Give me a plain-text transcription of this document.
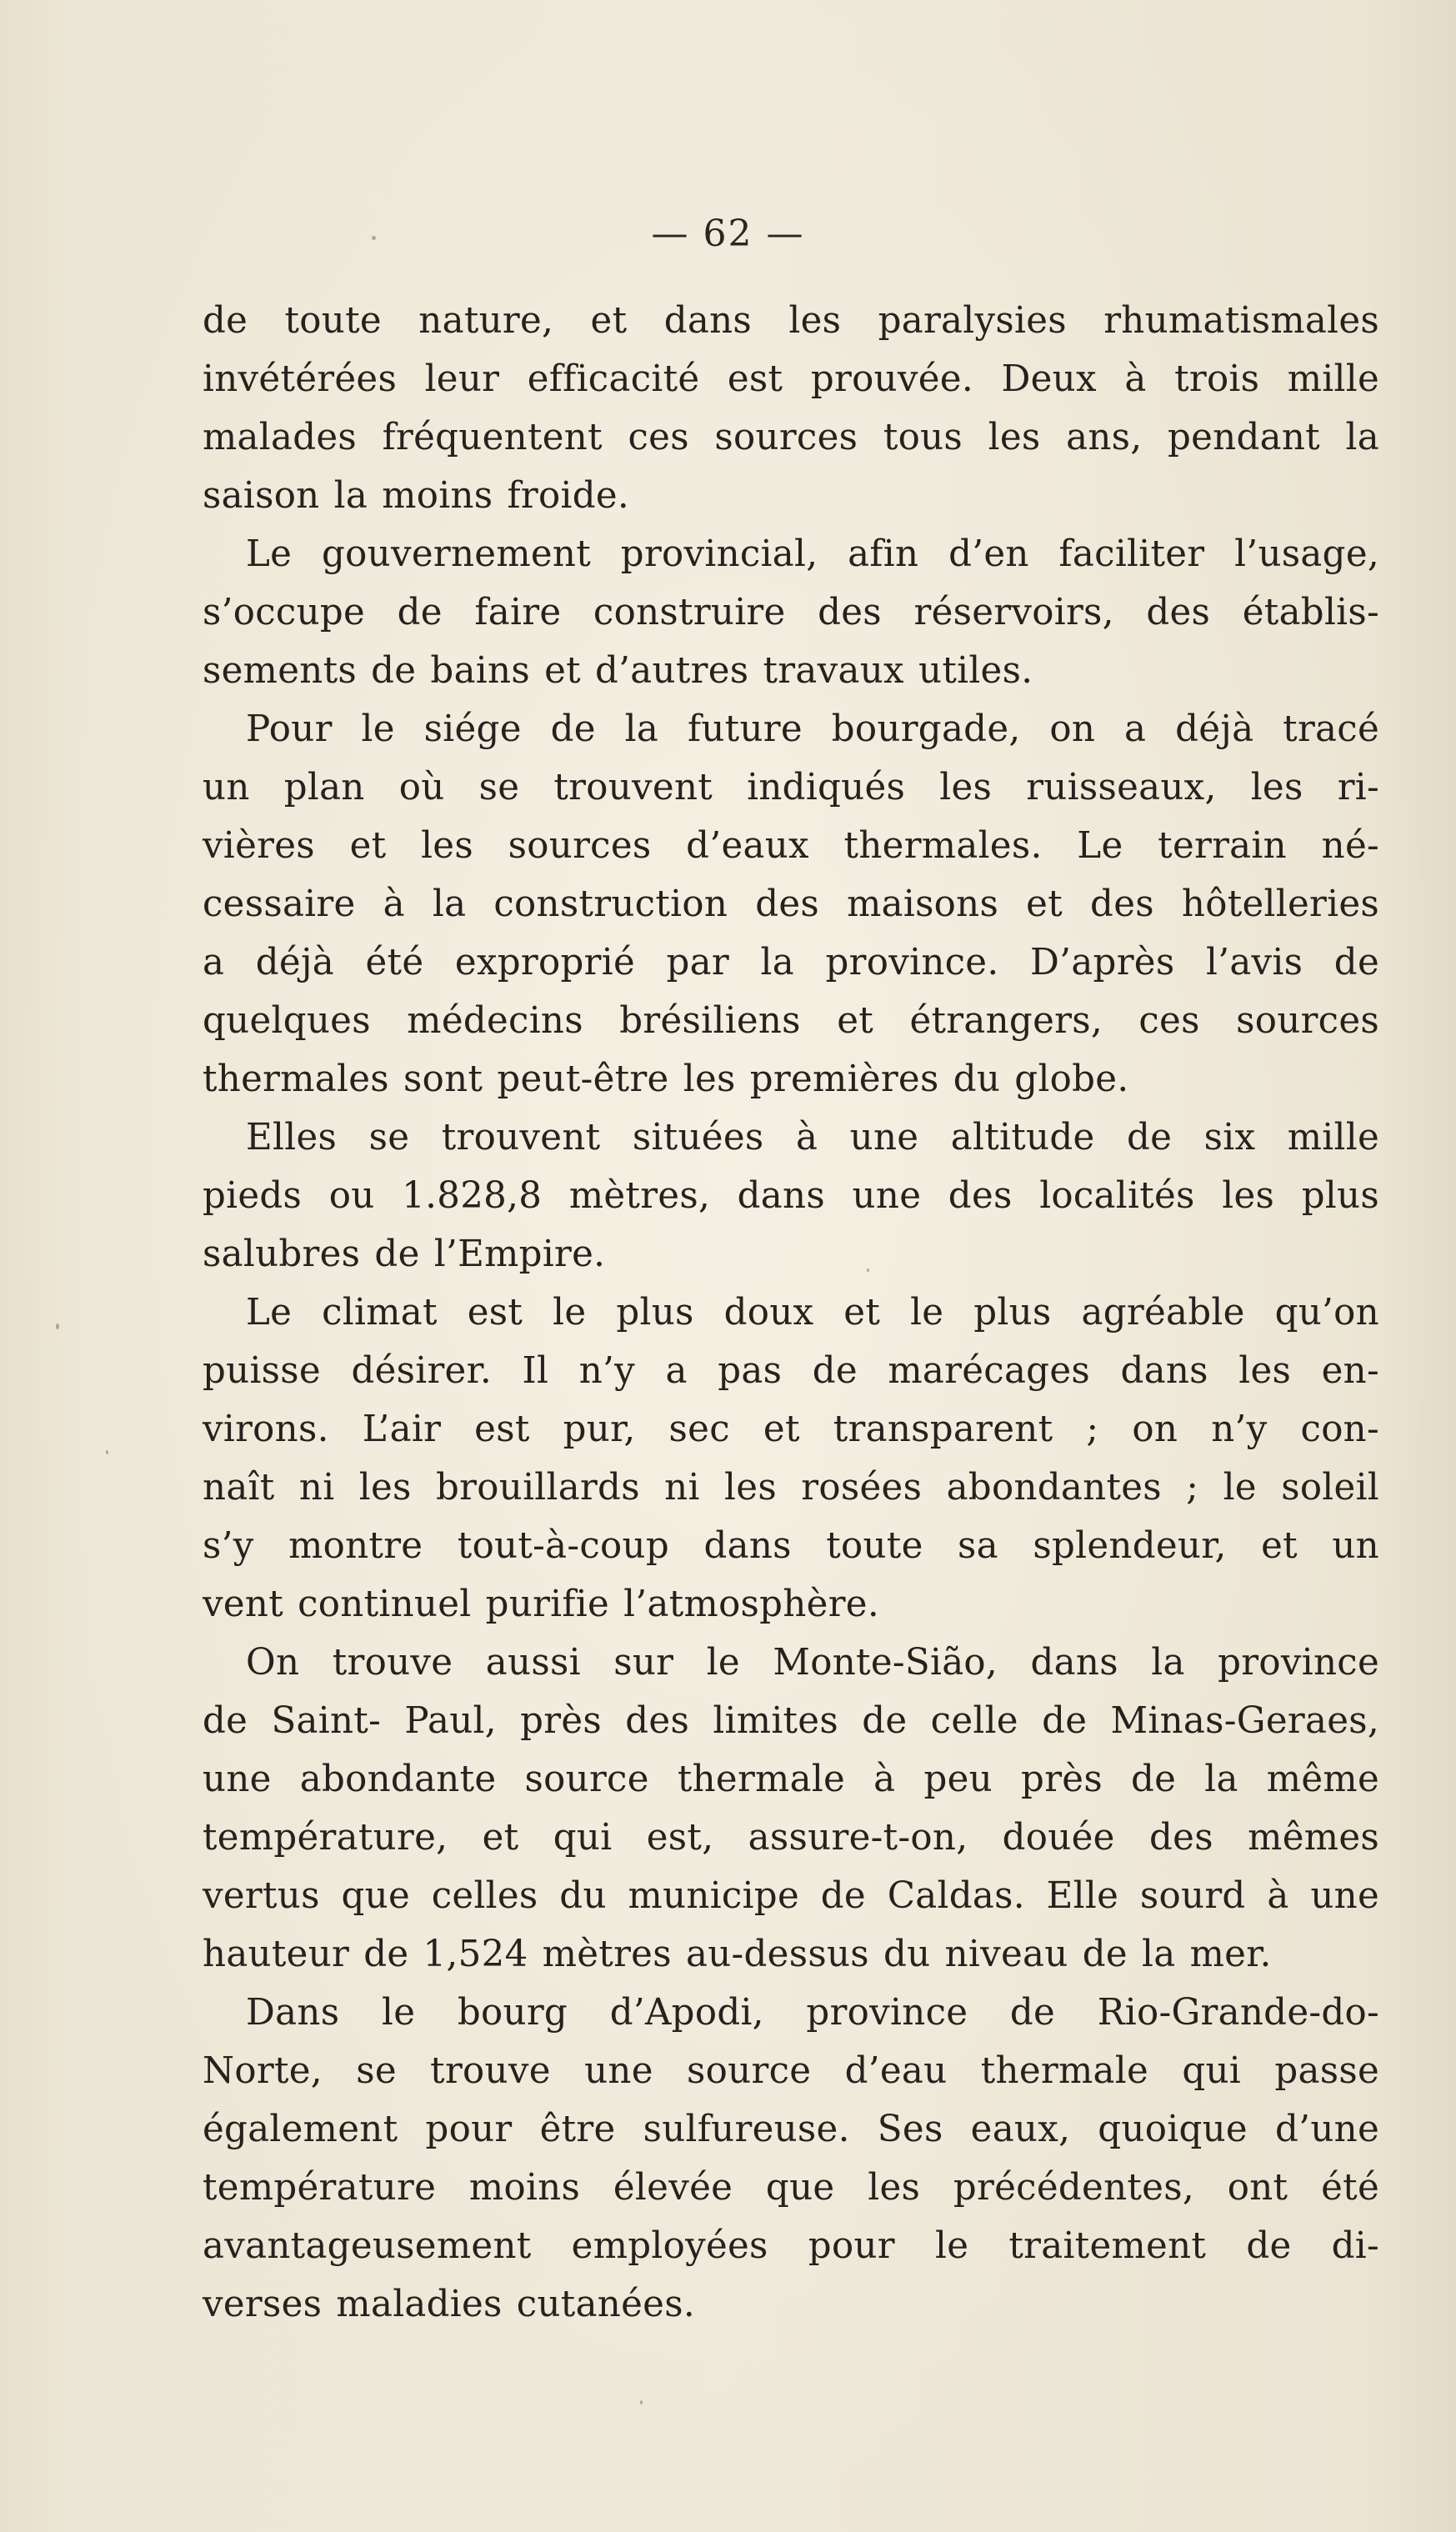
— 62 —

de toute nature, et dans les paralysies rhumatismales
invétérées leur efficacité est prouvée. Deux à trois mille
malades fréquentent ces sources tous les ans, pendant la
saison la moins froide.
Le gouvernement provincial, afin d’en faciliter l’usage,
s’occupe de faire construire des réservoirs, des établis-
sements de bains et d’autres travaux utiles.
Pour le siége de la future bourgade, on a déjà tracé
un plan où se trouvent indiqués les ruisseaux, les ri-
vières et les sources d’eaux thermales. Le terrain né-
cessaire à la construction des maisons et des hôtelleries
a déjà été exproprié par la province. D’après l’avis de
quelques médecins brésiliens et étrangers, ces sources
thermales sont peut-être les premières du globe.
Elles se trouvent situées à une altitude de six mille
pieds ou 1.828,8 mètres, dans une des localités les plus
salubres de l’Empire.
Le climat est le plus doux et le plus agréable qu’on
puisse désirer. Il n’y a pas de marécages dans les en-
virons. L’air est pur, sec et transparent ; on n’y con-
naît ni les brouillards ni les rosées abondantes ; le soleil
s’y montre tout-à-coup dans toute sa splendeur, et un
vent continuel purifie l’atmosphère.
On trouve aussi sur le Monte-Sião, dans la province
de Saint- Paul, près des limites de celle de Minas-Geraes,
une abondante source thermale à peu près de la même
température, et qui est, assure-t-on, douée des mêmes
vertus que celles du municipe de Caldas. Elle sourd à une
hauteur de 1,524 mètres au-dessus du niveau de la mer.
Dans le bourg d’Apodi, province de Rio-Grande-do-
Norte, se trouve une source d’eau thermale qui passe
également pour être sulfureuse. Ses eaux, quoique d’une
température moins élevée que les précédentes, ont été
avantageusement employées pour le traitement de di-
verses maladies cutanées.
